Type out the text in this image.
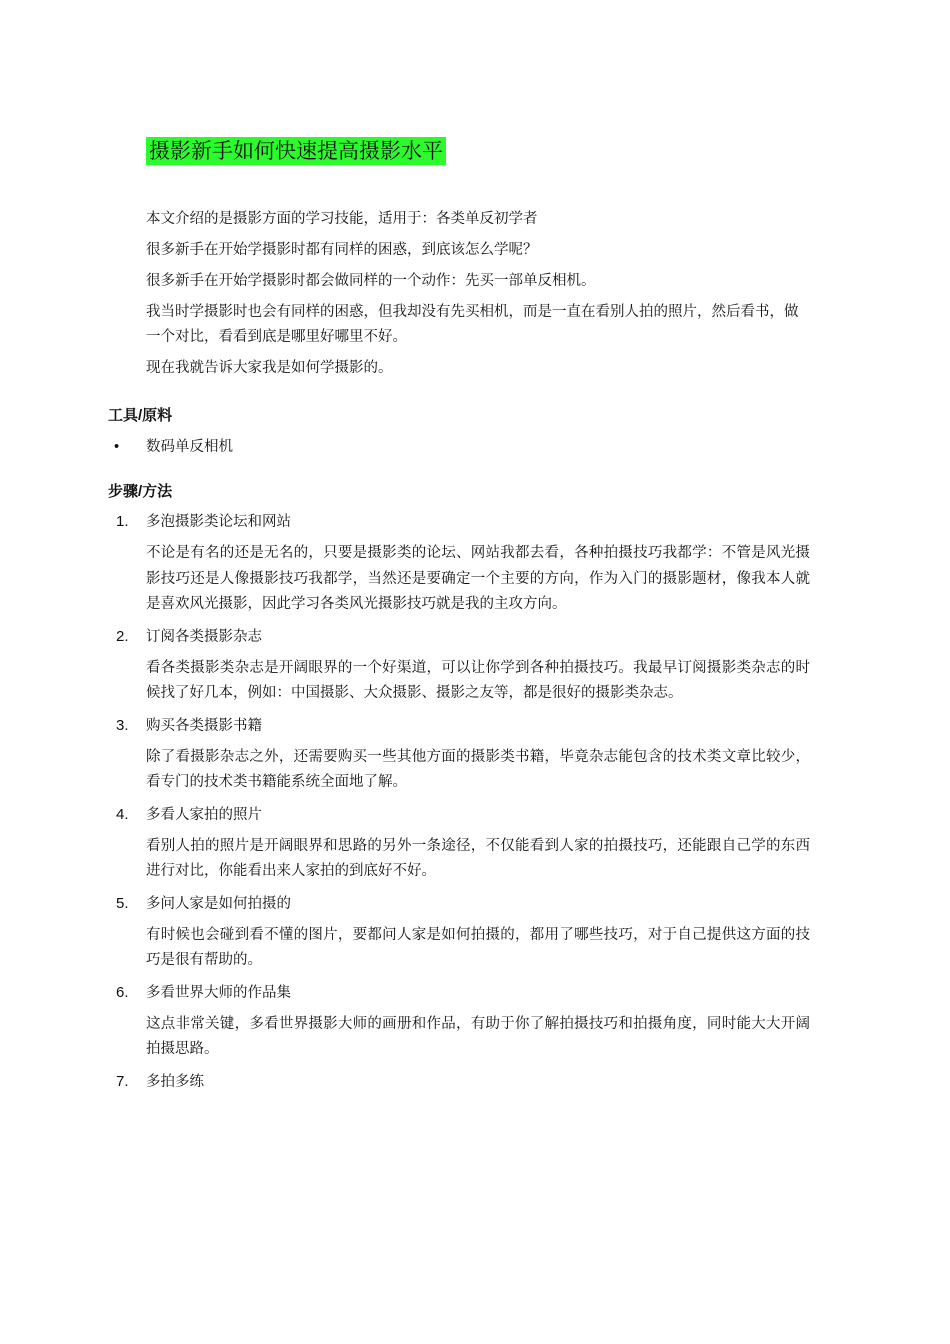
摄影新手如何快速提高摄影水平

本文介绍的是摄影方面的学习技能，适用于：各类单反初学者

很多新手在开始学摄影时都有同样的困惑，到底该怎么学呢？

很多新手在开始学摄影时都会做同样的一个动作：先买一部单反相机。

我当时学摄影时也会有同样的困惑，但我却没有先买相机，而是一直在看别人拍的照片，然后看书，做一个对比，看看到底是哪里好哪里不好。

现在我就告诉大家我是如何学摄影的。

工具/原料
• 数码单反相机
步骤/方法
1. 多泡摄影类论坛和网站

不论是有名的还是无名的，只要是摄影类的论坛、网站我都去看，各种拍摄技巧我都学：不管是风光摄影技巧还是人像摄影技巧我都学，当然还是要确定一个主要的方向，作为入门的摄影题材，像我本人就是喜欢风光摄影，因此学习各类风光摄影技巧就是我的主攻方向。

2. 订阅各类摄影杂志

看各类摄影类杂志是开阔眼界的一个好渠道，可以让你学到各种拍摄技巧。我最早订阅摄影类杂志的时候找了好几本，例如：中国摄影、大众摄影、摄影之友等，都是很好的摄影类杂志。

3. 购买各类摄影书籍

除了看摄影杂志之外，还需要购买一些其他方面的摄影类书籍，毕竟杂志能包含的技术类文章比较少，看专门的技术类书籍能系统全面地了解。

4. 多看人家拍的照片

看别人拍的照片是开阔眼界和思路的另外一条途径，不仅能看到人家的拍摄技巧，还能跟自己学的东西进行对比，你能看出来人家拍的到底好不好。

5. 多问人家是如何拍摄的

有时候也会碰到看不懂的图片，要都问人家是如何拍摄的，都用了哪些技巧，对于自己提供这方面的技巧是很有帮助的。

6. 多看世界大师的作品集

这点非常关键，多看世界摄影大师的画册和作品，有助于你了解拍摄技巧和拍摄角度，同时能大大开阔拍摄思路。

7. 多拍多练
